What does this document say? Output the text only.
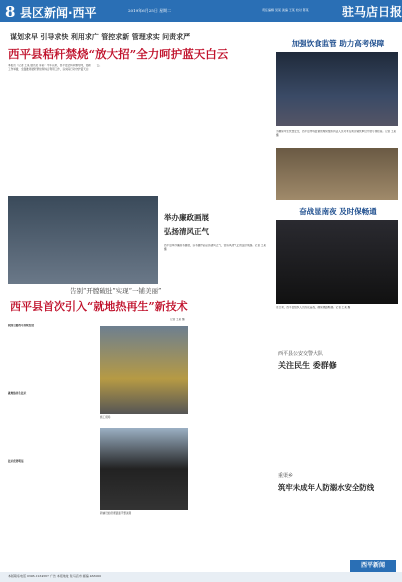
8 县区新闻·西平	2019年6月25日 星期二	责任编辑 吴某 美编 王某 校对 陈某	驻马店日报
谋划求早 引导求快 利用求广 管控求新 管理求实 问责求严
西平县秸秆禁烧“放大招”全力呵护蓝天白云
本报讯（记者 王某 通讯员 李某）今年以来，西平县坚持问题导向，创新工作举措，全面推进秸秆禁烧和综合利用工作，以实际行动守护蓝天白云。
加强饮食监管 助力高考保障
为确保考生饮食安全，西平县市场监督管理局组织执法人员对考点周边餐饮单位开展专项检查。记者 王某 摄
奋战显南夜 及时保畅通
连日来，西平县组织人员连夜奋战，确保道路畅通。记者 王某 摄
举办廉政画展
弘扬清风正气
西平县举办廉政书画展，以书画作品弘扬清风正气，营造风清气正的良好氛围。记者 王某 摄
告别“开膛破肚”实现“一铺美丽”
西平县首次引入“就地热再生”新技术
记者 王某 摄
我国公路的可持续发展
就地热再生技术
技术优势明显
施工现场
新铺设的沥青路面平整美观
西平县公安交警大队
关注民生 委群修
重渠乡
筑牢未成年人防溺水安全防线
西平新闻
本版联系电话 0396-1234567 广告 本报地址 驻马店市 邮编 463000
